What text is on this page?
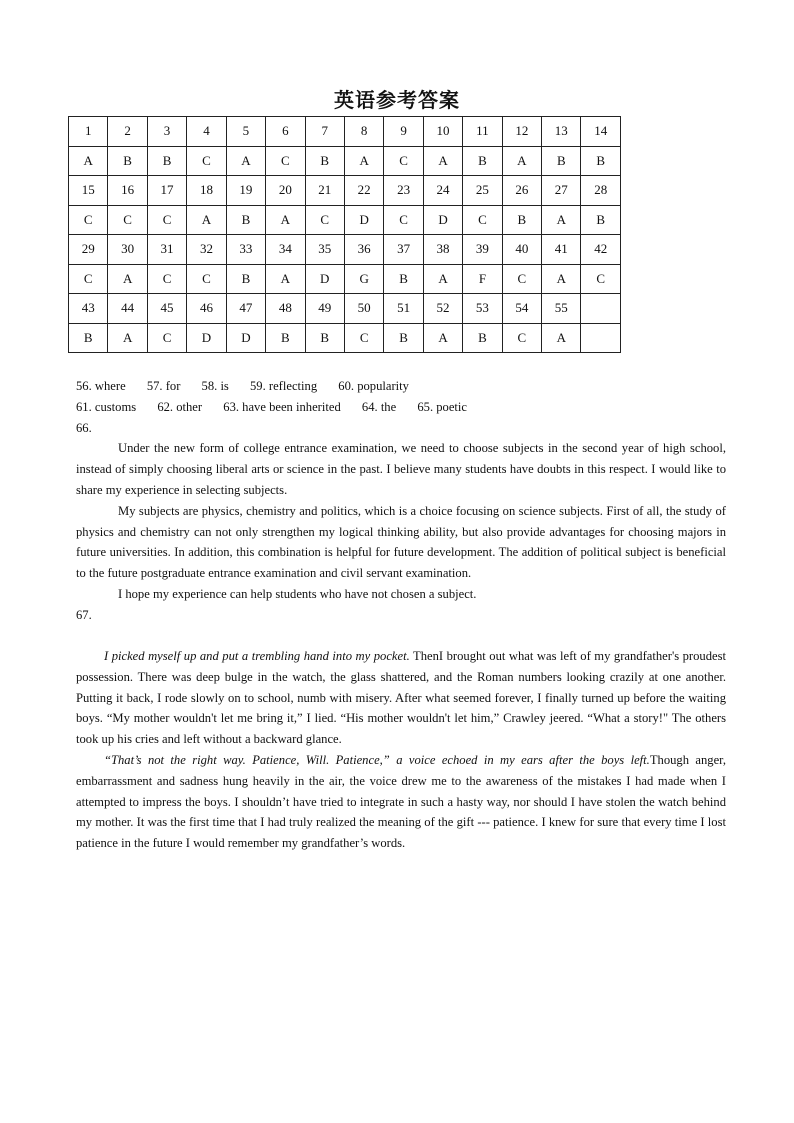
英语参考答案
1	2	3	4	5	6	7	8	9	10	11	12	13	14
A	B	B	C	A	C	B	A	C	A	B	A	B	B
15	16	17	18	19	20	21	22	23	24	25	26	27	28
C	C	C	A	B	A	C	D	C	D	C	B	A	B
29	30	31	32	33	34	35	36	37	38	39	40	41	42
C	A	C	C	B	A	D	G	B	A	F	C	A	C
43	44	45	46	47	48	49	50	51	52	53	54	55	
B	A	C	D	D	B	B	C	B	A	B	C	A	

56. where 57. for 58. is 59. reflecting 60. popularity

61. customs 62. other 63. have been inherited 64. the 65. poetic

66.

Under the new form of college entrance examination, we need to choose subjects in the second year of high school, instead of simply choosing liberal arts or science in the past. I believe many students have doubts in this respect. I would like to share my experience in selecting subjects.

My subjects are physics, chemistry and politics, which is a choice focusing on science subjects. First of all, the study of physics and chemistry can not only strengthen my logical thinking ability, but also provide advantages for choosing majors in future universities. In addition, this combination is helpful for future development. The addition of political subject is beneficial to the future postgraduate entrance examination and civil servant examination.

I hope my experience can help students who have not chosen a subject.

67.

I picked myself up and put a trembling hand into my pocket. ThenI brought out what was left of my grandfather's proudest possession. There was deep bulge in the watch, the glass shattered, and the Roman numbers looking crazily at one another. Putting it back, I rode slowly on to school, numb with misery. After what seemed forever, I finally turned up before the waiting boys. “My mother wouldn't let me bring it,” I lied. “His mother wouldn't let him,” Crawley jeered. “What a story!" The others took up his cries and left without a backward glance.

“That’s not the right way. Patience, Will. Patience,” a voice echoed in my ears after the boys left.Though anger, embarrassment and sadness hung heavily in the air, the voice drew me to the awareness of the mistakes I had made when I attempted to impress the boys. I shouldn’t have tried to integrate in such a hasty way, nor should I have stolen the watch behind my mother. It was the first time that I had truly realized the meaning of the gift --- patience. I knew for sure that every time I lost patience in the future I would remember my grandfather’s words.
